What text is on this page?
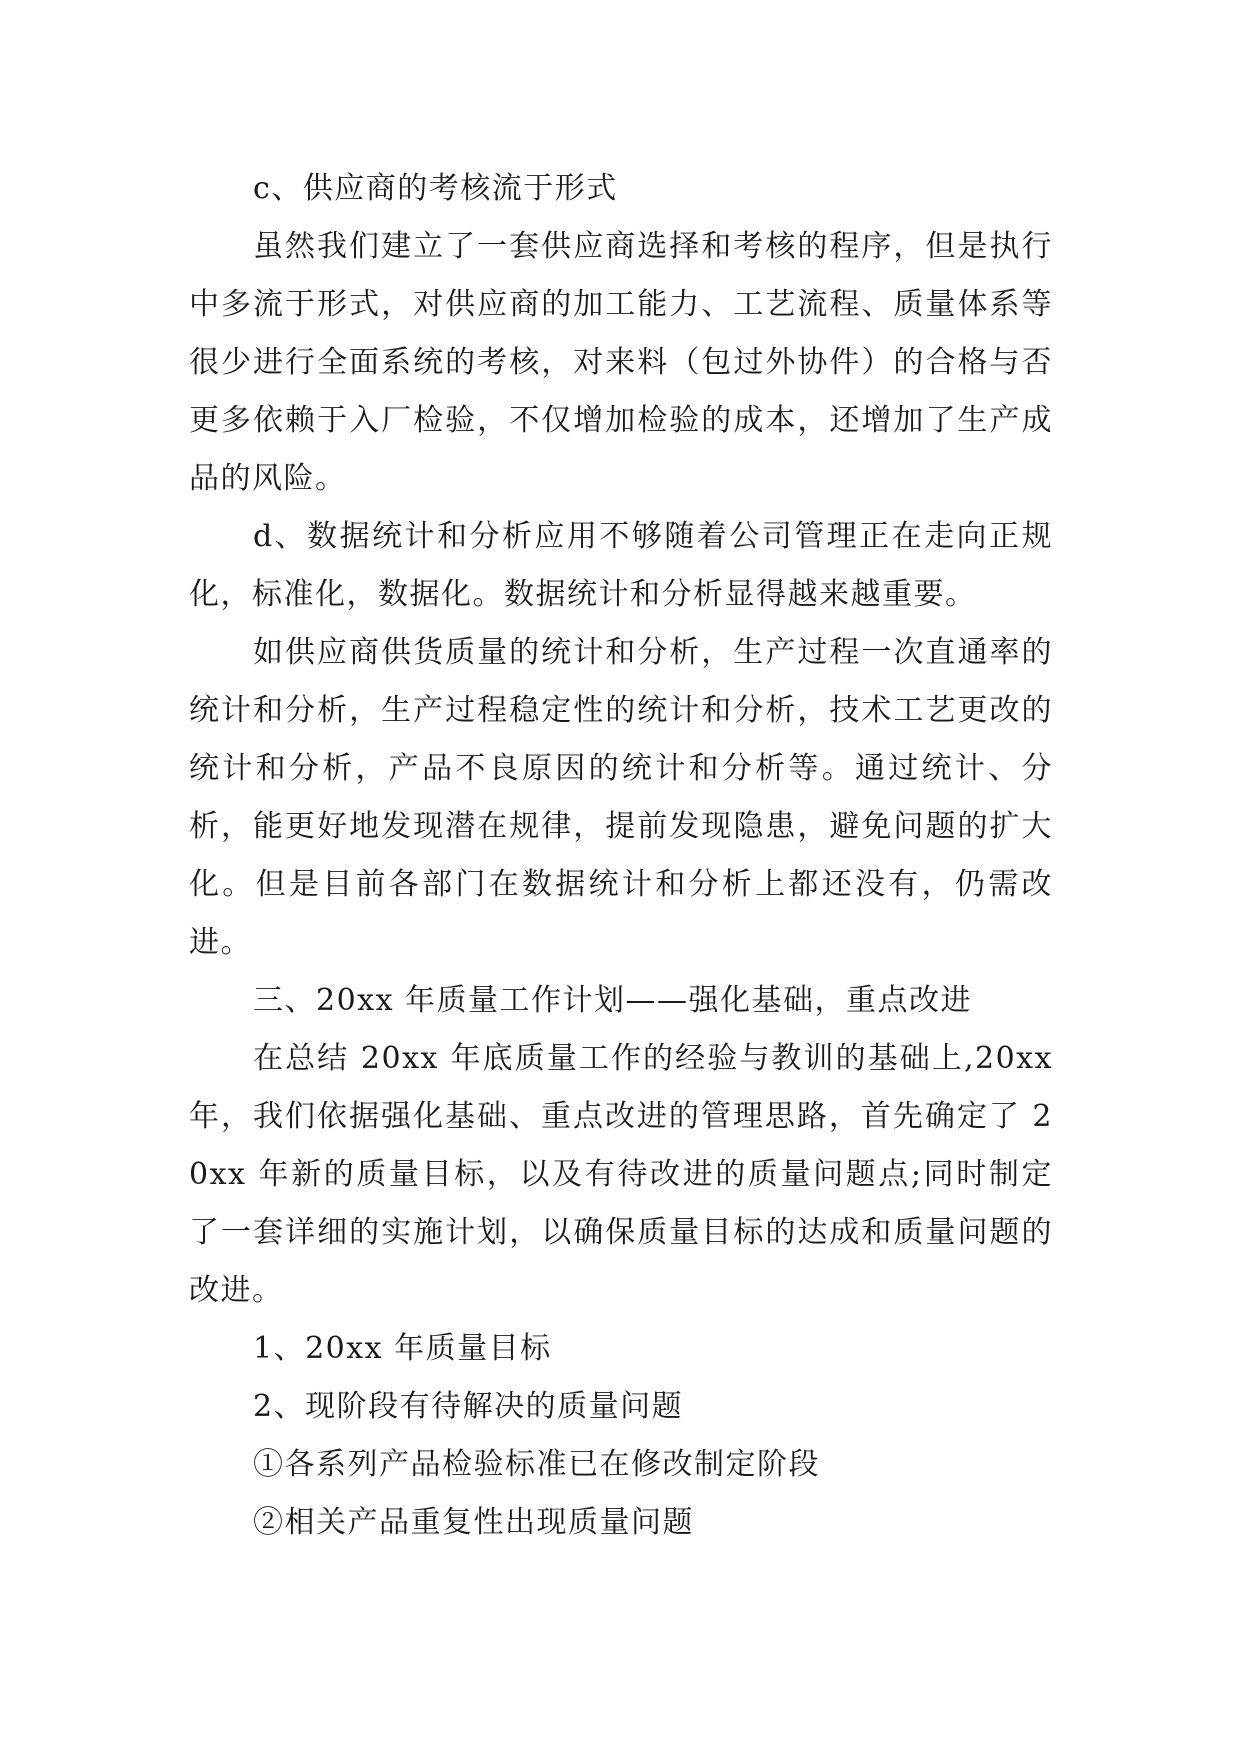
c、供应商的考核流于形式

虽然我们建立了一套供应商选择和考核的程序，但是执行中多流于形式，对供应商的加工能力、工艺流程、质量体系等很少进行全面系统的考核，对来料（包过外协件）的合格与否更多依赖于入厂检验，不仅增加检验的成本，还增加了生产成品的风险。

d、数据统计和分析应用不够随着公司管理正在走向正规化，标准化，数据化。数据统计和分析显得越来越重要。

如供应商供货质量的统计和分析，生产过程一次直通率的统计和分析，生产过程稳定性的统计和分析，技术工艺更改的统计和分析，产品不良原因的统计和分析等。通过统计、分析，能更好地发现潜在规律，提前发现隐患，避免问题的扩大化。但是目前各部门在数据统计和分析上都还没有，仍需改进。

三、20xx 年质量工作计划——强化基础，重点改进

在总结 20xx 年底质量工作的经验与教训的基础上,20xx 年，我们依据强化基础、重点改进的管理思路，首先确定了 20xx 年新的质量目标，以及有待改进的质量问题点;同时制定了一套详细的实施计划，以确保质量目标的达成和质量问题的改进。

1、20xx 年质量目标

2、现阶段有待解决的质量问题

①各系列产品检验标准已在修改制定阶段

②相关产品重复性出现质量问题
